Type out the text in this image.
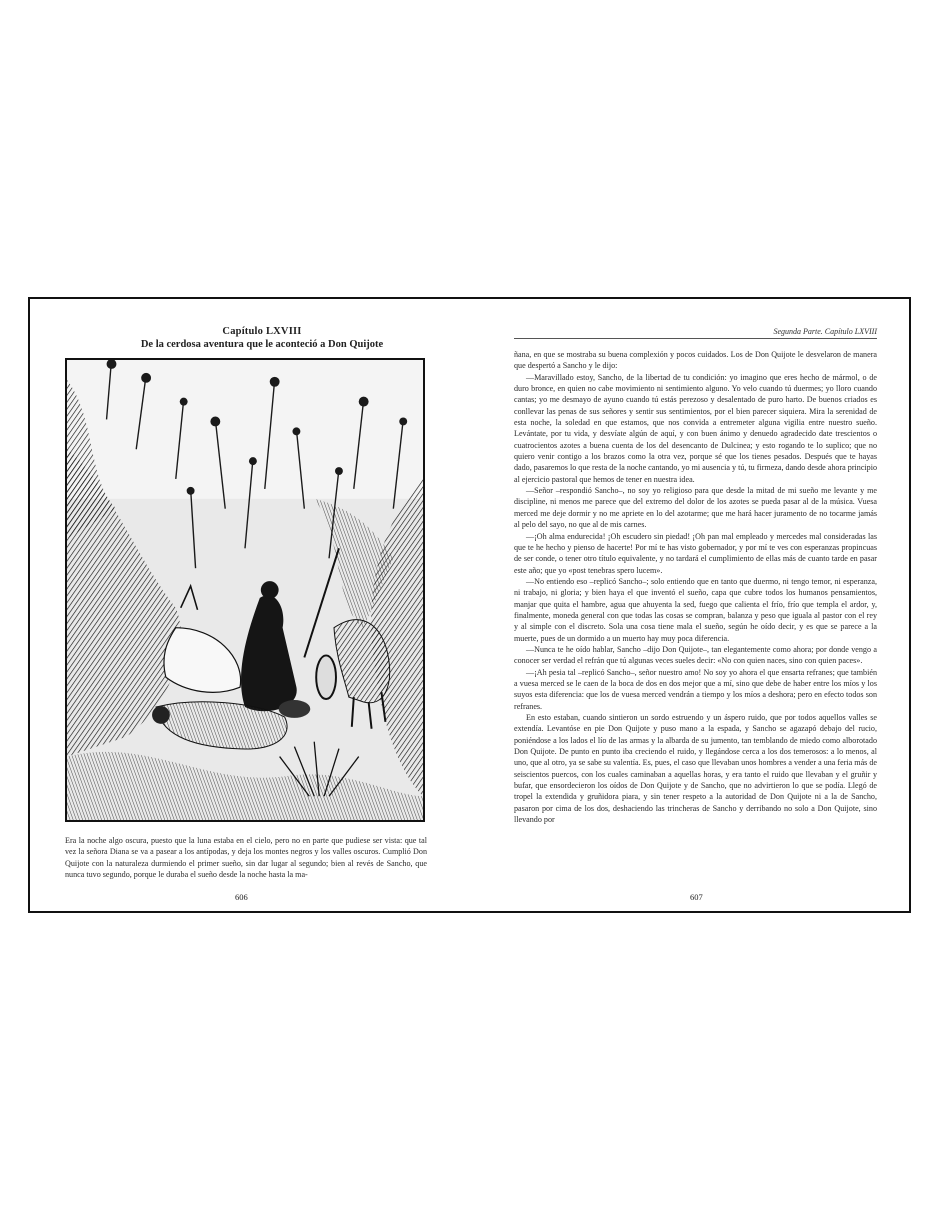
Capítulo LXVIII
De la cerdosa aventura que le aconteció a Don Quijote

Era la noche algo oscura, puesto que la luna estaba en el cielo, pero no en parte que pudiese ser vista: que tal vez la señora Diana se va a pasear a los antípodas, y deja los montes negros y los valles oscuros. Cumplió Don Quijote con la naturaleza durmiendo el primer sueño, sin dar lugar al segundo; bien al revés de Sancho, que nunca tuvo segundo, porque le duraba el sueño desde la noche hasta la ma-

606
Segunda Parte. Capítulo LXVIII

ñana, en que se mostraba su buena complexión y pocos cuidados. Los de Don Quijote le desvelaron de manera que despertó a Sancho y le dijo:

—Maravillado estoy, Sancho, de la libertad de tu condición: yo imagino que eres hecho de mármol, o de duro bronce, en quien no cabe movimiento ni sentimiento alguno. Yo velo cuando tú duermes; yo lloro cuando cantas; yo me desmayo de ayuno cuando tú estás perezoso y desalentado de puro harto. De buenos criados es conllevar las penas de sus señores y sentir sus sentimientos, por el bien parecer siquiera. Mira la serenidad de esta noche, la soledad en que estamos, que nos convida a entremeter alguna vigilia entre nuestro sueño. Levántate, por tu vida, y desvíate algún de aquí, y con buen ánimo y denuedo agradecido date trescientos o cuatrocientos azotes a buena cuenta de los del desencanto de Dulcinea; y esto rogando te lo suplico; que no quiero venir contigo a los brazos como la otra vez, porque sé que los tienes pesados. Después que te hayas dado, pasaremos lo que resta de la noche cantando, yo mi ausencia y tú, tu firmeza, dando desde ahora principio al ejercicio pastoral que hemos de tener en nuestra idea.

—Señor –respondió Sancho–, no soy yo religioso para que desde la mitad de mi sueño me levante y me discipline, ni menos me parece que del extremo del dolor de los azotes se pueda pasar al de la música. Vuesa merced me deje dormir y no me apriete en lo del azotarme; que me hará hacer juramento de no tocarme jamás al pelo del sayo, no que al de mis carnes.

—¡Oh alma endurecida! ¡Oh escudero sin piedad! ¡Oh pan mal empleado y mercedes mal consideradas las que te he hecho y pienso de hacerte! Por mí te has visto gobernador, y por mí te ves con esperanzas propincuas de ser conde, o tener otro título equivalente, y no tardará el cumplimiento de ellas más de cuanto tarde en pasar este año; que yo «post tenebras spero lucem».

—No entiendo eso –replicó Sancho–; solo entiendo que en tanto que duermo, ni tengo temor, ni esperanza, ni trabajo, ni gloria; y bien haya el que inventó el sueño, capa que cubre todos los humanos pensamientos, manjar que quita el hambre, agua que ahuyenta la sed, fuego que calienta el frío, frío que templa el ardor, y, finalmente, moneda general con que todas las cosas se compran, balanza y peso que iguala al pastor con el rey y al simple con el discreto. Sola una cosa tiene mala el sueño, según he oído decir, y es que se parece a la muerte, pues de un dormido a un muerto hay muy poca diferencia.

—Nunca te he oído hablar, Sancho –dijo Don Quijote–, tan elegantemente como ahora; por donde vengo a conocer ser verdad el refrán que tú algunas veces sueles decir: «No con quien naces, sino con quien paces».

—¡Ah pesia tal –replicó Sancho–, señor nuestro amo! No soy yo ahora el que ensarta refranes; que también a vuesa merced se le caen de la boca de dos en dos mejor que a mí, sino que debe de haber entre los míos y los suyos esta diferencia: que los de vuesa merced vendrán a tiempo y los míos a deshora; pero en efecto todos son refranes.

En esto estaban, cuando sintieron un sordo estruendo y un áspero ruido, que por todos aquellos valles se extendía. Levantóse en pie Don Quijote y puso mano a la espada, y Sancho se agazapó debajo del rucio, poniéndose a los lados el lío de las armas y la albarda de su jumento, tan temblando de miedo como alborotado Don Quijote. De punto en punto iba creciendo el ruido, y llegándose cerca a los dos temerosos: a lo menos, al uno, que al otro, ya se sabe su valentía. Es, pues, el caso que llevaban unos hombres a vender a una feria más de seiscientos puercos, con los cuales caminaban a aquellas horas, y era tanto el ruido que llevaban y el gruñir y bufar, que ensordecieron los oídos de Don Quijote y de Sancho, que no advirtieron lo que se podía. Llegó de tropel la extendida y gruñidora piara, y sin tener respeto a la autoridad de Don Quijote ni a la de Sancho, pasaron por cima de los dos, deshaciendo las trincheras de Sancho y derribando no solo a Don Quijote, sino llevando por

607
